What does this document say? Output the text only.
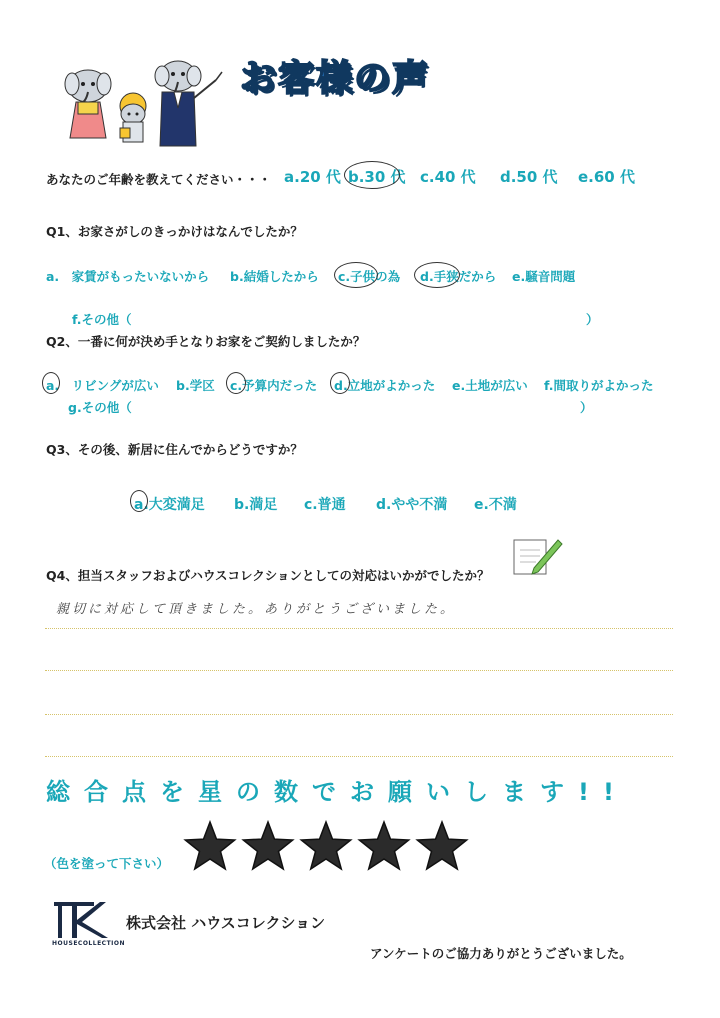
お客様の声
あなたのご年齢を教えてください・・・ a.20 代 b.30 代 c.40 代 d.50 代 e.60 代
Q1、お家さがしのきっかけはなんでしたか？
a.　家賃がもったいないから b.結婚したから c.子供の為 d.手狭だから e.騒音問題
f.その他（	）
Q2、一番に何が決め手となりお家をご契約しましたか？
a.　リビングが広い b.学区 c.予算内だった d.立地がよかった e.土地が広い f.間取りがよかった
g.その他（	）
Q3、その後、新居に住んでからどうですか？
a.大変満足 b.満足 c.普通 d.やや不満 e.不満
Q4、担当スタッフおよびハウスコレクションとしての対応はいかがでしたか？
親切に対応して頂きました。ありがとうございました。
総合点を星の数でお願いします!!
（色を塗って下さい）
HOUSECOLLECTION
株式会社 ハウスコレクション
アンケートのご協力ありがとうございました。
